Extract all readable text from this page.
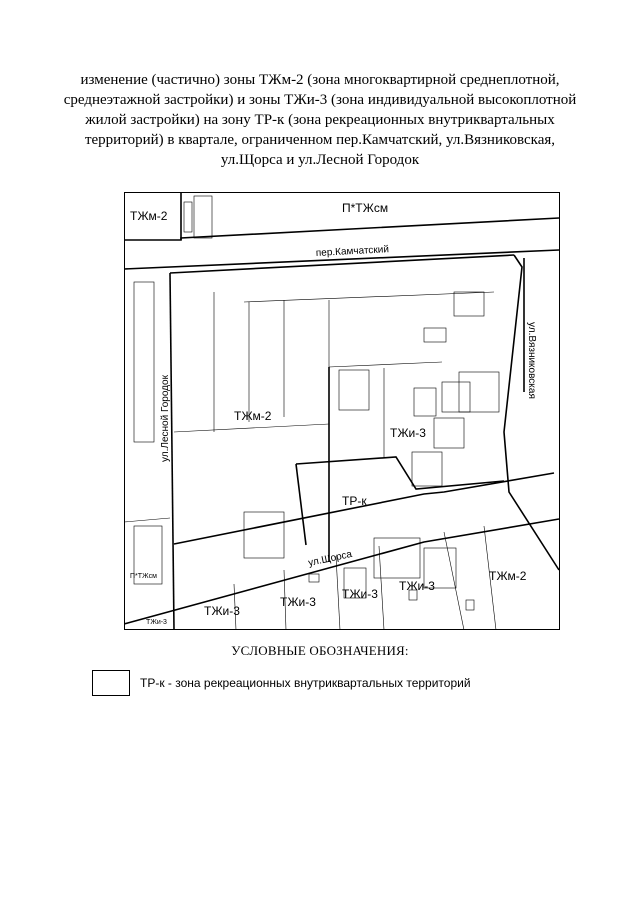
изменение (частично) зоны ТЖм-2 (зона многоквартирной среднеплотной,
среднеэтажной застройки) и зоны ТЖи-3 (зона индивидуальной высокоплотной
жилой застройки) на зону ТР-к (зона рекреационных внутриквартальных
территорий) в квартале, ограниченном пер.Камчатский, ул.Вязниковская,
ул.Щорса и ул.Лесной Городок
пер.Камчатский
ул.Лесной Городок
ул.Вязниковская
ул.Щорса
ТЖм-2
П*ТЖсм
ТЖм-2
ТЖи-3
ТР-к
П*ТЖсм
ТЖи-3
ТЖи-3
ТЖи-3
ТЖи-3
ТЖи-3
ТЖм-2
УСЛОВНЫЕ ОБОЗНАЧЕНИЯ:
ТР-к - зона рекреационных внутриквартальных территорий
